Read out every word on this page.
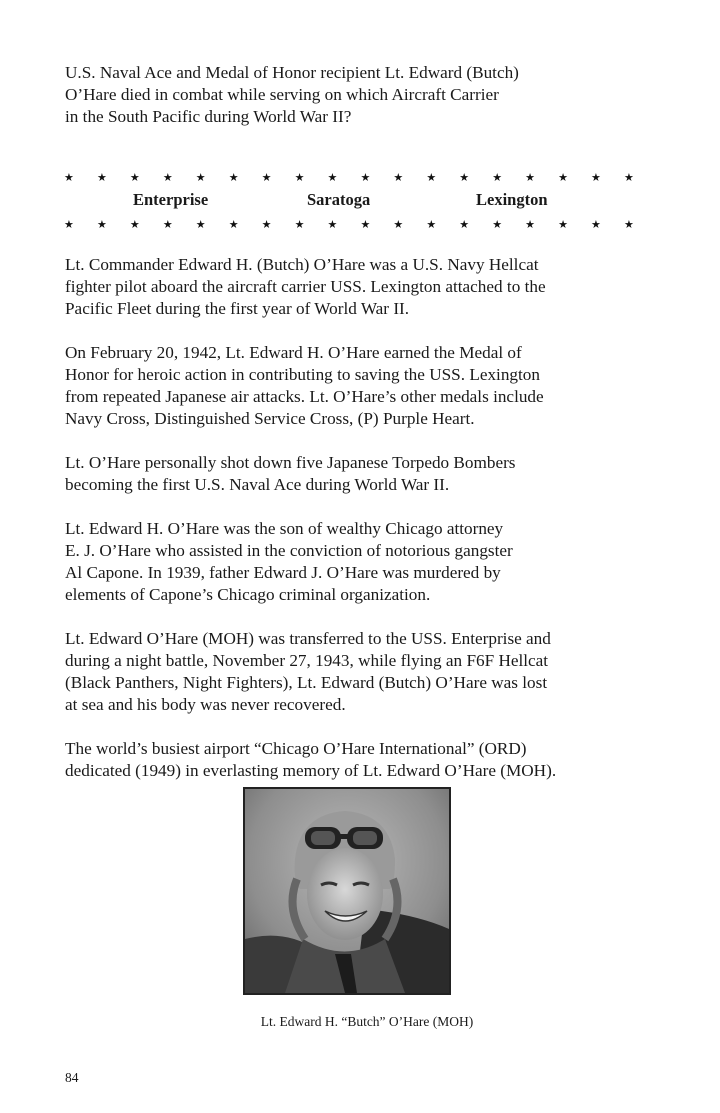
U.S. Naval Ace and Medal of Honor recipient Lt. Edward (Butch)
O’Hare died in combat while serving on which Aircraft Carrier
in the South Pacific during World War II?
★ ★ ★ ★ ★ ★ ★ ★ ★ ★ ★ ★ ★ ★ ★ ★ ★ ★
Enterprise	Saratoga	Lexington
★ ★ ★ ★ ★ ★ ★ ★ ★ ★ ★ ★ ★ ★ ★ ★ ★ ★

Lt. Commander Edward H. (Butch) O’Hare was a U.S. Navy Hellcat
fighter pilot aboard the aircraft carrier USS. Lexington attached to the
Pacific Fleet during the first year of World War II.

On February 20, 1942, Lt. Edward H. O’Hare earned the Medal of
Honor for heroic action in contributing to saving the USS. Lexington
from repeated Japanese air attacks. Lt. O’Hare’s other medals include
Navy Cross, Distinguished Service Cross, (P) Purple Heart.

Lt. O’Hare personally shot down five Japanese Torpedo Bombers
becoming the first U.S. Naval Ace during World War II.

Lt. Edward H. O’Hare was the son of wealthy Chicago attorney
E. J. O’Hare who assisted in the conviction of notorious gangster
Al Capone. In 1939, father Edward J. O’Hare was murdered by
elements of Capone’s Chicago criminal organization.

Lt. Edward O’Hare (MOH) was transferred to the USS. Enterprise and
during a night battle, November 27, 1943, while flying an F6F Hellcat
(Black Panthers, Night Fighters), Lt. Edward (Butch) O’Hare was lost
at sea and his body was never recovered.

The world’s busiest airport “Chicago O’Hare International” (ORD)
dedicated (1949) in everlasting memory of Lt. Edward O’Hare (MOH).

Lt. Edward H. “Butch” O’Hare (MOH)
84
